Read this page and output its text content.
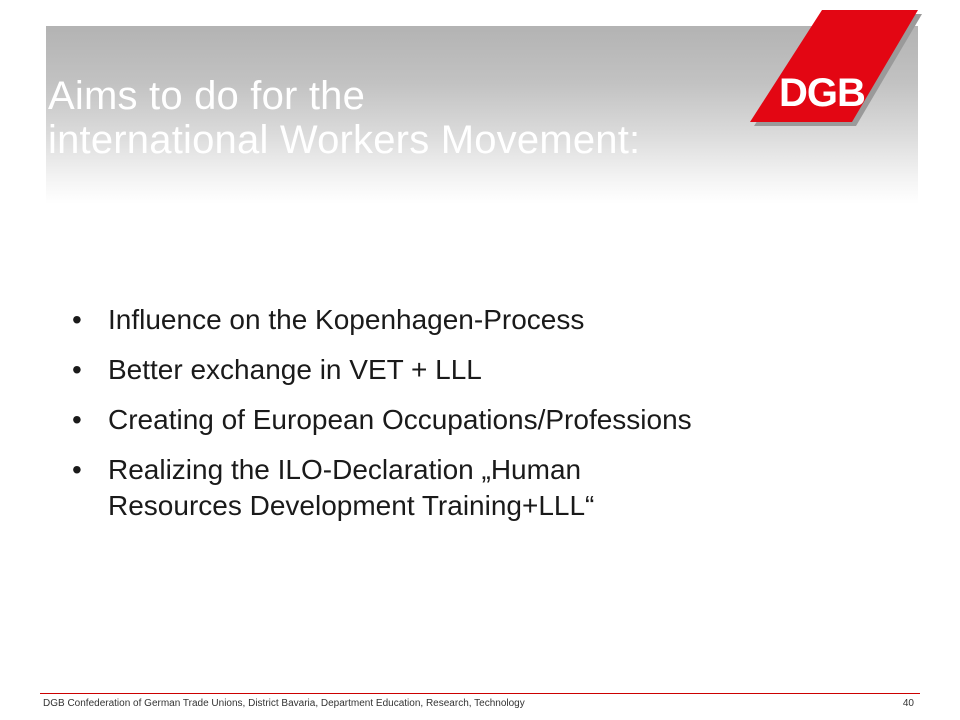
Aims to do for the
international Workers Movement:
DGB
• Influence on the Kopenhagen-Process
• Better exchange in VET + LLL
• Creating of European Occupations/Professions
• Realizing the ILO-Declaration „Human
Resources Development Training+LLL“
DGB Confederation of German Trade Unions, District Bavaria, Department Education, Research, Technology	40
